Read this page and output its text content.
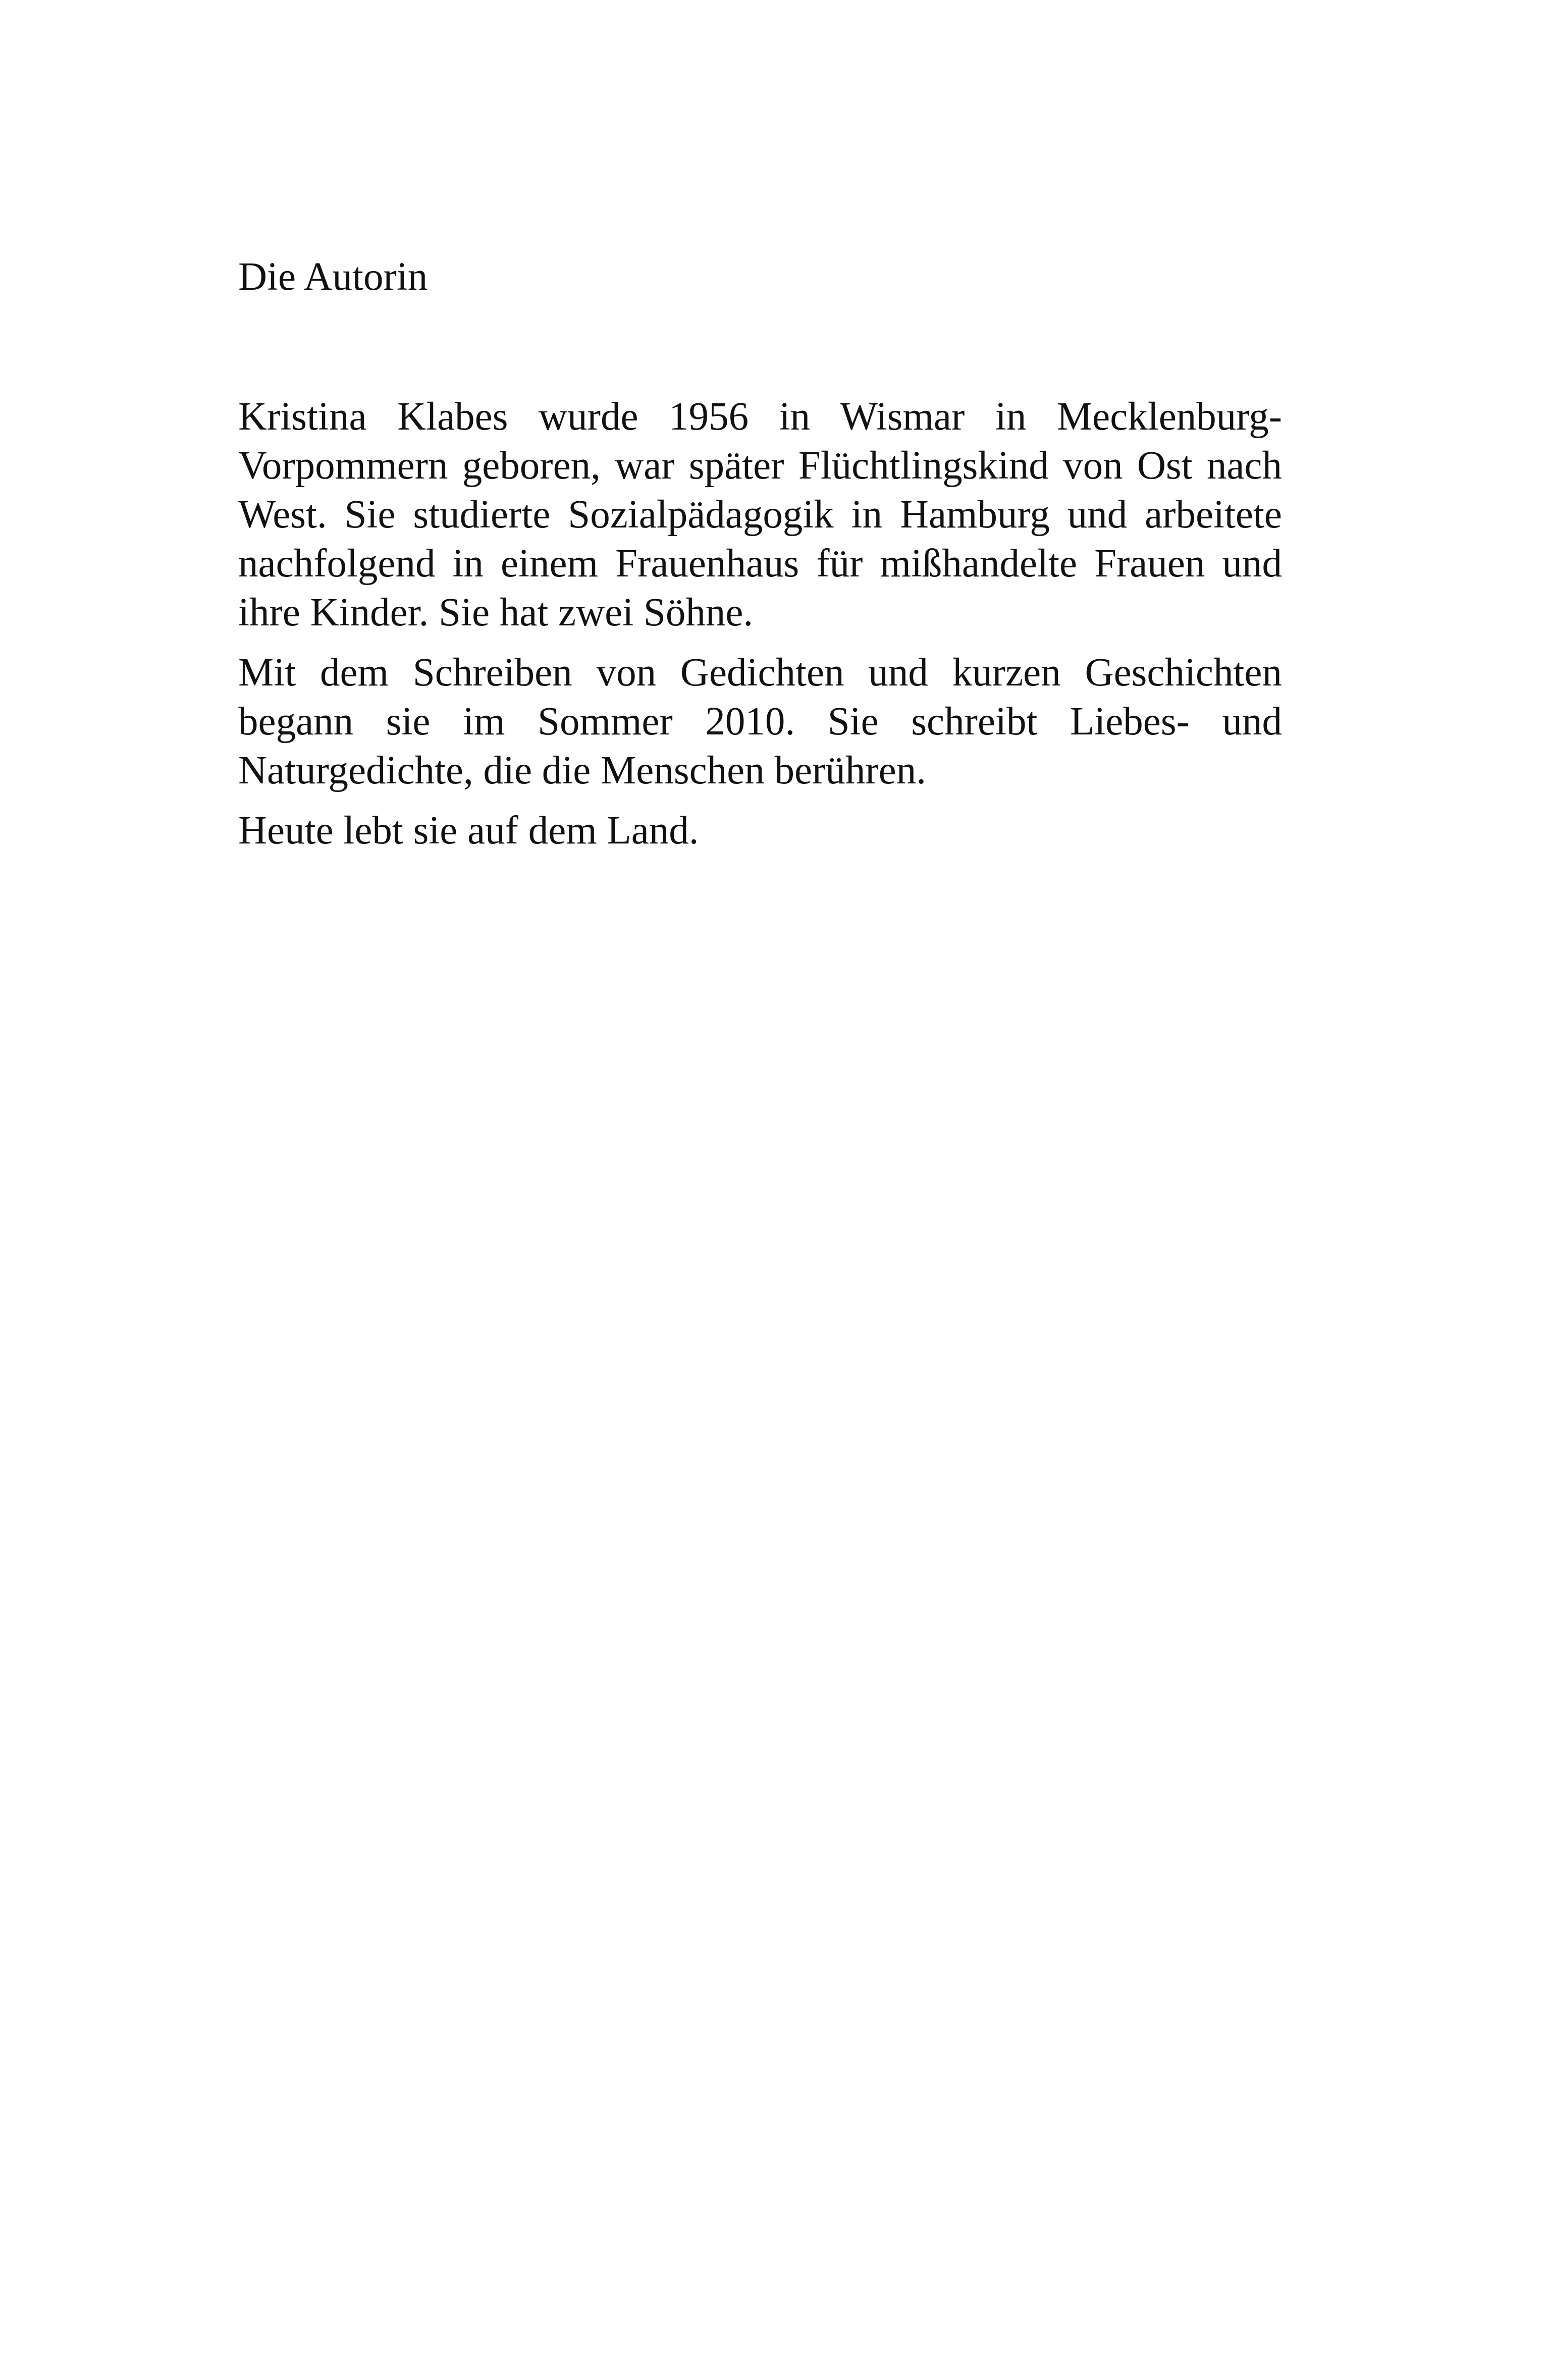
Die Autorin

Kristina Klabes wurde 1956 in Wismar in Mecklenburg-Vorpommern geboren, war später Flüchtlingskind von Ost nach West. Sie studierte Sozialpädagogik in Hamburg und arbeitete nachfolgend in einem Frauenhaus für mißhandelte Frauen und ihre Kinder. Sie hat zwei Söhne.

Mit dem Schreiben von Gedichten und kurzen Geschichten begann sie im Sommer 2010. Sie schreibt Liebes- und Naturgedichte, die die Menschen berühren.

Heute lebt sie auf dem Land.
